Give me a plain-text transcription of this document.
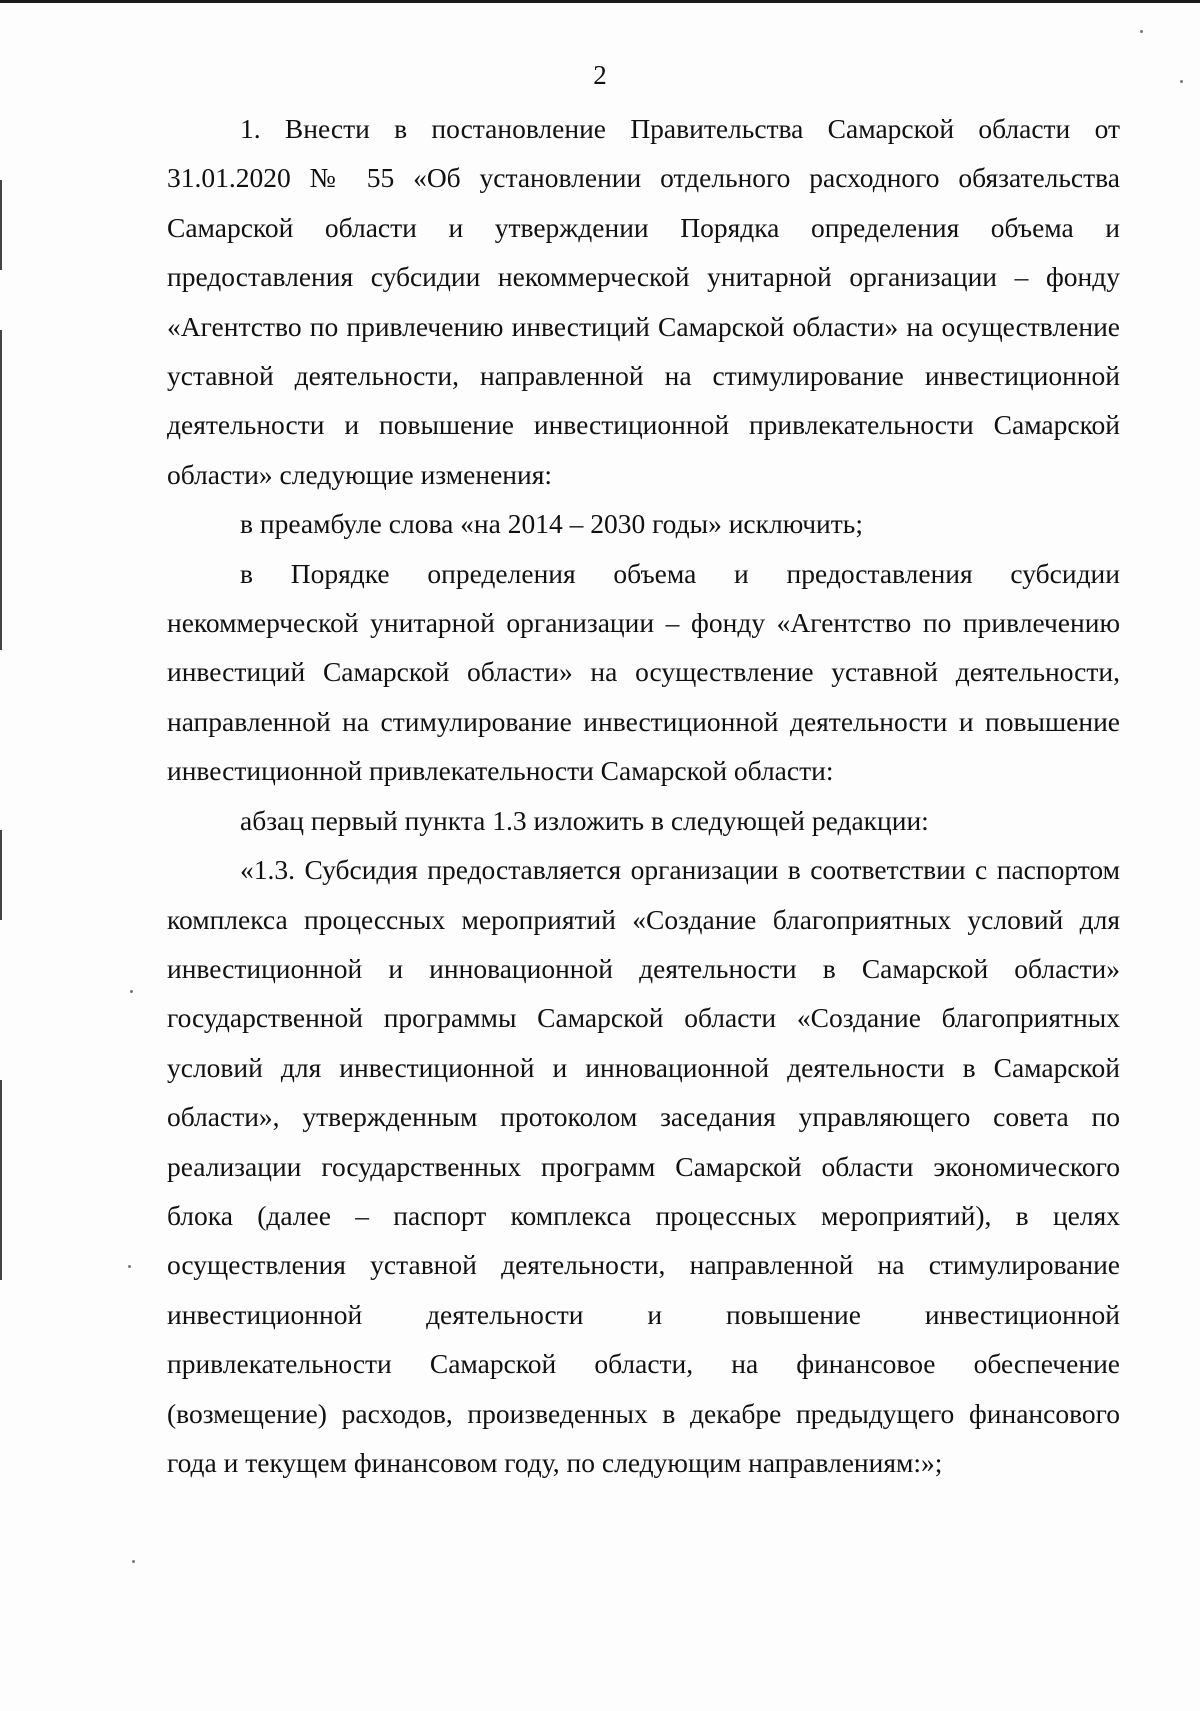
2

1. Внести в постановление Правительства Самарской области от 31.01.2020 № 55 «Об установлении отдельного расходного обязательства Самарской области и утверждении Порядка определения объема и предоставления субсидии некоммерческой унитарной организации – фонду «Агентство по привлечению инвестиций Самарской области» на осуществление уставной деятельности, направленной на стимулирование инвестиционной деятельности и повышение инвестиционной привлекательности Самарской области» следующие изменения:

в преамбуле слова «на 2014 – 2030 годы» исключить;

в Порядке определения объема и предоставления субсидии некоммерческой унитарной организации – фонду «Агентство по привлечению инвестиций Самарской области» на осуществление уставной деятельности, направленной на стимулирование инвестиционной деятельности и повышение инвестиционной привлекательности Самарской области:

абзац первый пункта 1.3 изложить в следующей редакции:

«1.3. Субсидия предоставляется организации в соответствии с паспортом комплекса процессных мероприятий «Создание благоприятных условий для инвестиционной и инновационной деятельности в Самарской области» государственной программы Самарской области «Создание благоприятных условий для инвестиционной и инновационной деятельности в Самарской области», утвержденным протоколом заседания управляющего совета по реализации государственных программ Самарской области экономического блока (далее – паспорт комплекса процессных мероприятий), в целях осуществления уставной деятельности, направленной на стимулирование инвестиционной деятельности и повышение инвестиционной привлекательности Самарской области, на финансовое обеспечение (возмещение) расходов, произведенных в декабре предыдущего финансового года и текущем финансовом году, по следующим направлениям:»;
